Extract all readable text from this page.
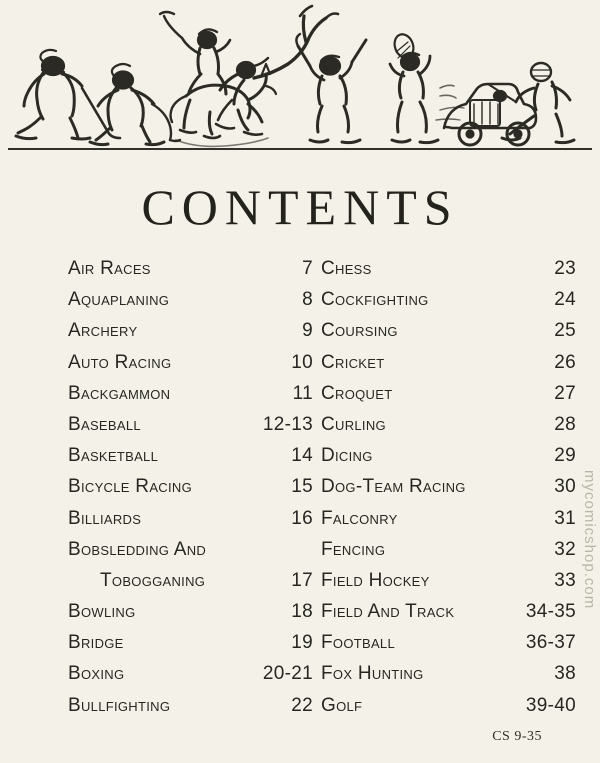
CONTENTS
Air Races	7
Aquaplaning	8
Archery	9
Auto Racing	10
Backgammon	11
Baseball	12-13
Basketball	14
Bicycle Racing	15
Billiards	16
Bobsledding And
Tobogganing	17
Bowling	18
Bridge	19
Boxing	20-21
Bullfighting	22
Chess	23
Cockfighting	24
Coursing	25
Cricket	26
Croquet	27
Curling	28
Dicing	29
Dog-Team Racing	30
Falconry	31
Fencing	32
Field Hockey	33
Field And Track	34-35
Football	36-37
Fox Hunting	38
Golf	39-40
CS 9-35
mycomicshop.com
